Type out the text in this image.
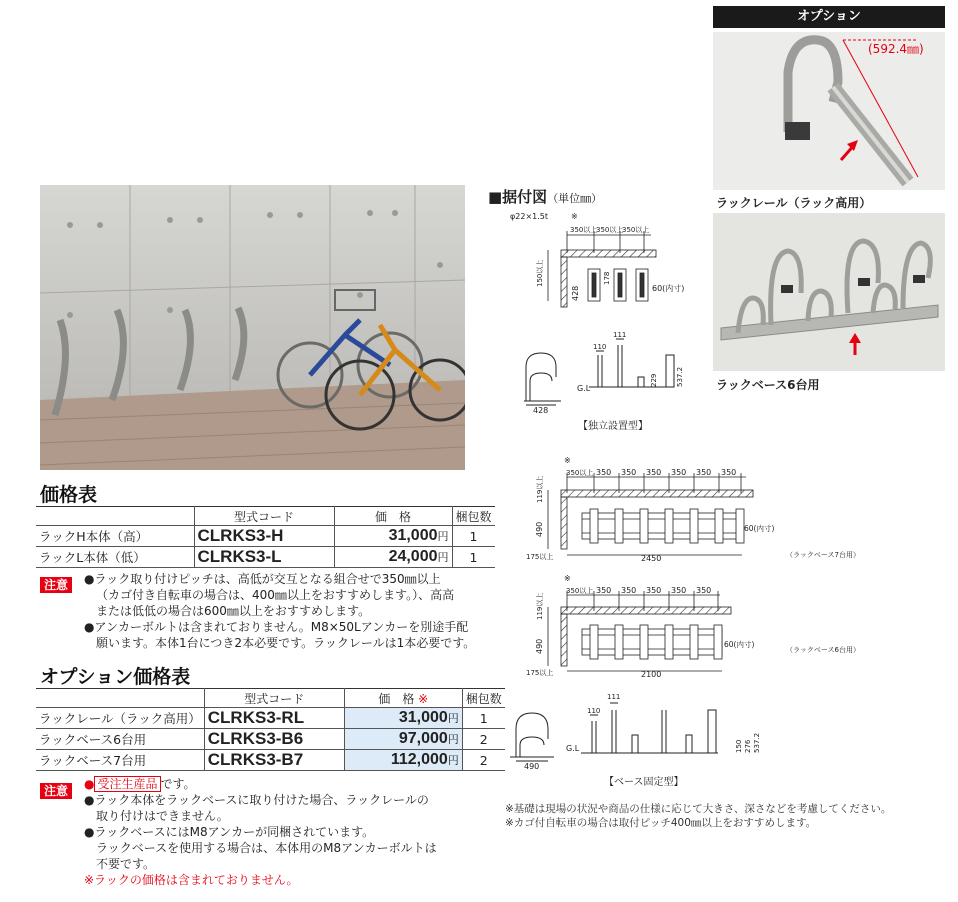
価格表
	型式コード	価　格	梱包数
ラックH本体（高）	CLRKS3-H	31,000円	1
ラックL本体（低）	CLRKS3-L	24,000円	1
注意	●ラック取り付けピッチは、高低が交互となる組合せで350㎜以上
（カゴ付き自転車の場合は、400㎜以上をおすすめします。）、高高
または低低の場合は600㎜以上をおすすめします。
●アンカーボルトは含まれておりません。M8×50Lアンカーを別途手配
願います。本体1台につき2本必要です。ラックレールは1本必要です。
オプション価格表
	型式コード	価　格 ※	梱包数
ラックレール（ラック高用）	CLRKS3-RL	31,000円	1
ラックベース6台用	CLRKS3-B6	97,000円	2
ラックベース7台用	CLRKS3-B7	112,000円	2
注意	● 受注生産品 です。
●ラック本体をラックベースに取り付けた場合、ラックレールの
取り付けはできません。
●ラックベースにはM8アンカーが同梱されています。
ラックベースを使用する場合は、本体用のM8アンカーボルトは
不要です。
※ラックの価格は含まれておりません。
オプション
(592.4㎜)
ラックレール（ラック高用）
ラックベース6台用
■据付図（単位㎜）
φ22×1.5t	※
350以上
350以上
350以上
150以上
428
178
60(内寸)
428
G.L
111
110
229	537.2
【独立設置型】
※
350以上 350 350 350 350 350 350
119以上
490	60(内寸)
175以上	2450	（ラックベース7台用）
※
350以上 350 350 350 350 350
119以上
490	60(内寸)
175以上	2100
（ラックベース6台用）
490
G.L
111
110
150 276 537.2
【ベース固定型】
※基礎は現場の状況や商品の仕様に応じて大きさ、深さなどを考慮してください。
※カゴ付自転車の場合は取付ピッチ400㎜以上をおすすめします。
